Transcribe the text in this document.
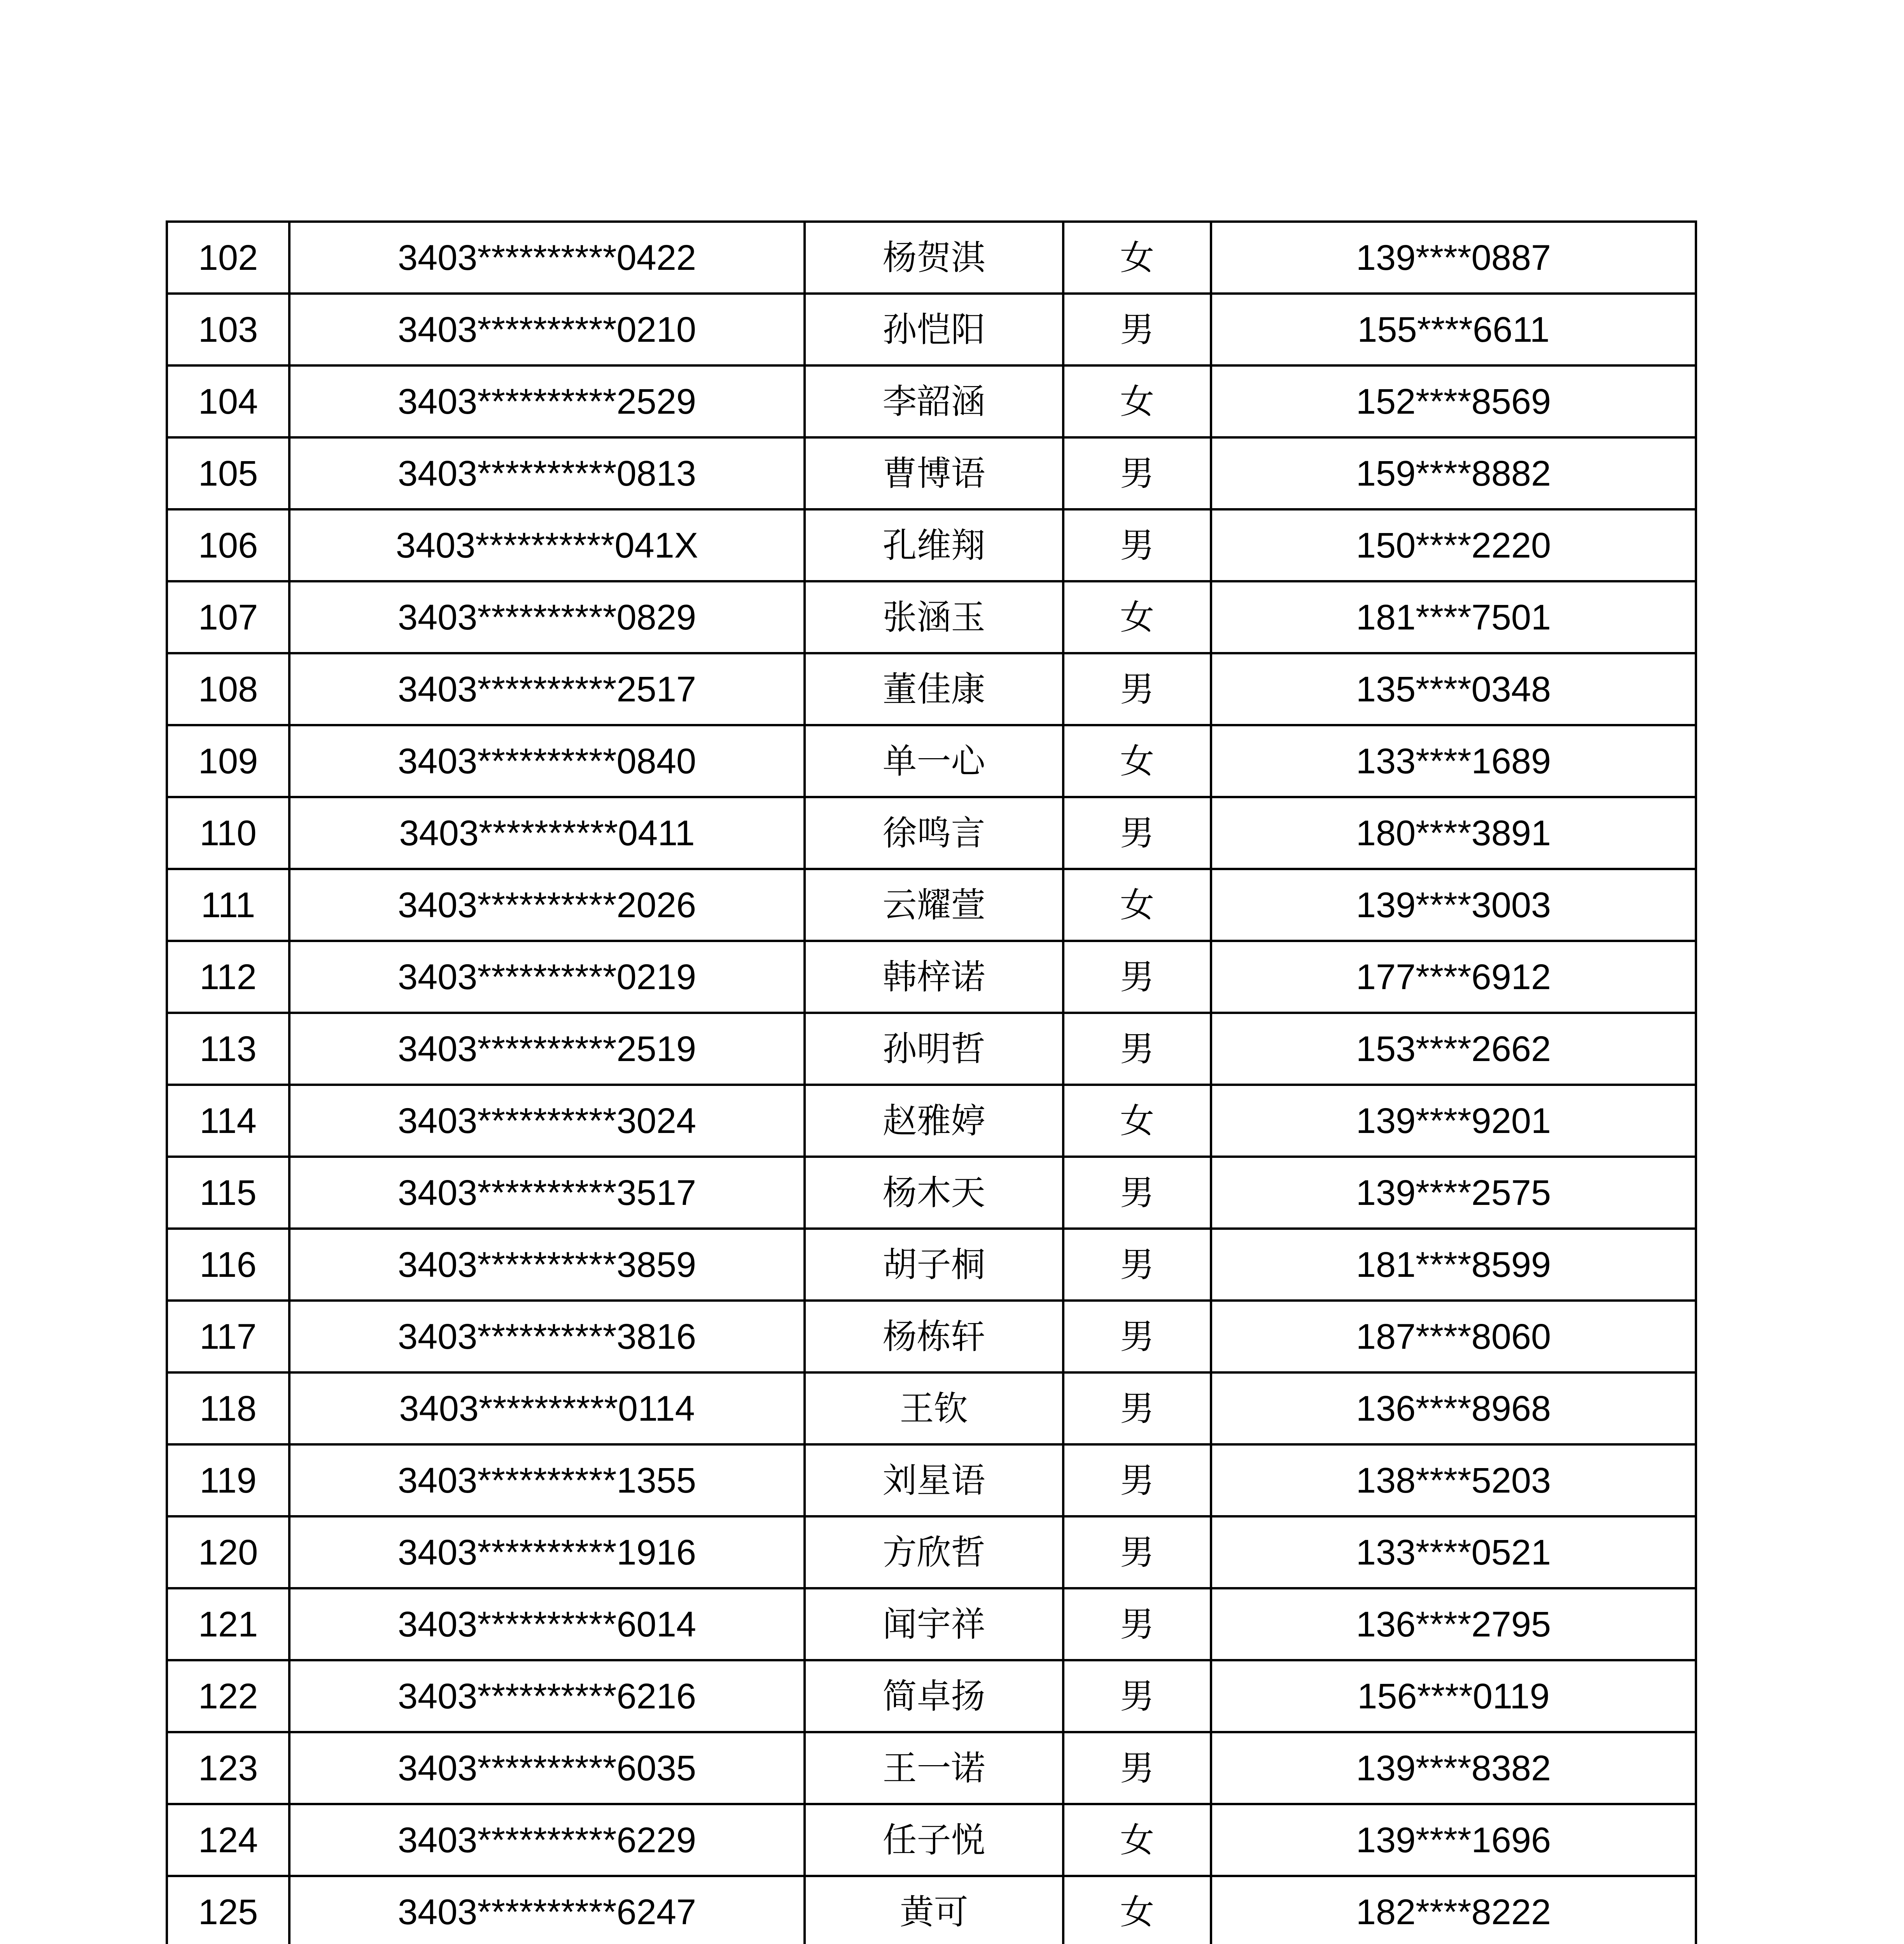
102	3403**********0422	杨贺淇	女	139****0887
103	3403**********0210	孙恺阳	男	155****6611
104	3403**********2529	李韶涵	女	152****8569
105	3403**********0813	曹博语	男	159****8882
106	3403**********041X	孔维翔	男	150****2220
107	3403**********0829	张涵玉	女	181****7501
108	3403**********2517	董佳康	男	135****0348
109	3403**********0840	单一心	女	133****1689
110	3403**********0411	徐鸣言	男	180****3891
111	3403**********2026	云耀萱	女	139****3003
112	3403**********0219	韩梓诺	男	177****6912
113	3403**********2519	孙明哲	男	153****2662
114	3403**********3024	赵雅婷	女	139****9201
115	3403**********3517	杨木天	男	139****2575
116	3403**********3859	胡子桐	男	181****8599
117	3403**********3816	杨栋轩	男	187****8060
118	3403**********0114	王钦	男	136****8968
119	3403**********1355	刘星语	男	138****5203
120	3403**********1916	方欣哲	男	133****0521
121	3403**********6014	闻宇祥	男	136****2795
122	3403**********6216	简卓扬	男	156****0119
123	3403**********6035	王一诺	男	139****8382
124	3403**********6229	任子悦	女	139****1696
125	3403**********6247	黄可	女	182****8222
